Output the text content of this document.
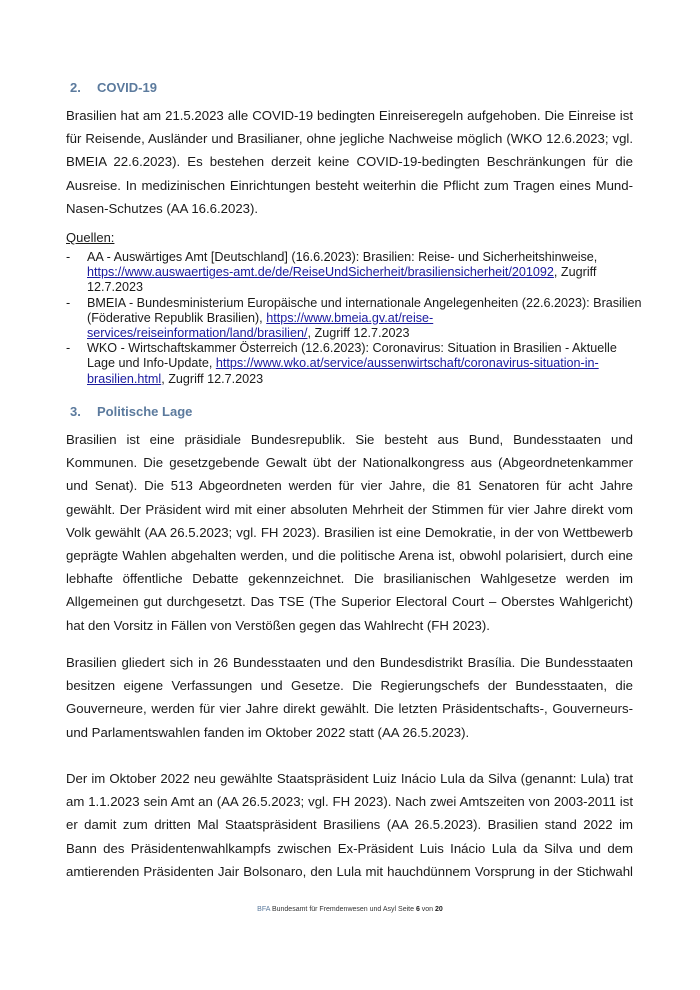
2.	COVID-19

Brasilien hat am 21.5.2023 alle COVID-19 bedingten Einreiseregeln aufgehoben. Die Einreise ist für Reisende, Ausländer und Brasilianer, ohne jegliche Nachweise möglich (WKO 12.6.2023; vgl. BMEIA 22.6.2023). Es bestehen derzeit keine COVID-19-bedingten Beschränkungen für die Ausreise. In medizinischen Einrichtungen besteht weiterhin die Pflicht zum Tragen eines Mund-Nasen-Schutzes (AA 16.6.2023).

Quellen:
- AA - Auswärtiges Amt [Deutschland] (16.6.2023): Brasilien: Reise- und Sicherheitshinweise, https://www.auswaertiges-amt.de/de/ReiseUndSicherheit/brasiliensicherheit/201092, Zugriff 12.7.2023
- BMEIA - Bundesministerium Europäische und internationale Angelegenheiten (22.6.2023): Brasilien (Föderative Republik Brasilien), https://www.bmeia.gv.at/reise-services/reiseinformation/land/brasilien/, Zugriff 12.7.2023
- WKO - Wirtschaftskammer Österreich (12.6.2023): Coronavirus: Situation in Brasilien - Aktuelle Lage und Info-Update, https://www.wko.at/service/aussenwirtschaft/coronavirus-situation-in-brasilien.html, Zugriff 12.7.2023
3.	Politische Lage

Brasilien ist eine präsidiale Bundesrepublik. Sie besteht aus Bund, Bundesstaaten und Kommunen. Die gesetzgebende Gewalt übt der Nationalkongress aus (Abgeordnetenkammer und Senat). Die 513 Abgeordneten werden für vier Jahre, die 81 Senatoren für acht Jahre gewählt. Der Präsident wird mit einer absoluten Mehrheit der Stimmen für vier Jahre direkt vom Volk gewählt (AA 26.5.2023; vgl. FH 2023). Brasilien ist eine Demokratie, in der von Wettbewerb geprägte Wahlen abgehalten werden, und die politische Arena ist, obwohl polarisiert, durch eine lebhafte öffentliche Debatte gekennzeichnet. Die brasilianischen Wahlgesetze werden im Allgemeinen gut durchgesetzt. Das TSE (The Superior Electoral Court – Oberstes Wahlgericht) hat den Vorsitz in Fällen von Verstößen gegen das Wahlrecht (FH 2023).

Brasilien gliedert sich in 26 Bundesstaaten und den Bundesdistrikt Brasília. Die Bundesstaaten besitzen eigene Verfassungen und Gesetze. Die Regierungschefs der Bundesstaaten, die Gouverneure, werden für vier Jahre direkt gewählt. Die letzten Präsidentschafts-, Gouverneurs- und Parlamentswahlen fanden im Oktober 2022 statt (AA 26.5.2023).

Der im Oktober 2022 neu gewählte Staatspräsident Luiz Inácio Lula da Silva (genannt: Lula) trat am 1.1.2023 sein Amt an (AA 26.5.2023; vgl. FH 2023). Nach zwei Amtszeiten von 2003-2011 ist er damit zum dritten Mal Staatspräsident Brasiliens (AA 26.5.2023). Brasilien stand 2022 im Bann des Präsidentenwahlkampfs zwischen Ex-Präsident Luis Inácio Lula da Silva und dem amtierenden Präsidenten Jair Bolsonaro, den Lula mit hauchdünnem Vorsprung in der Stichwahl

BFA Bundesamt für Fremdenwesen und Asyl Seite 6 von 20
